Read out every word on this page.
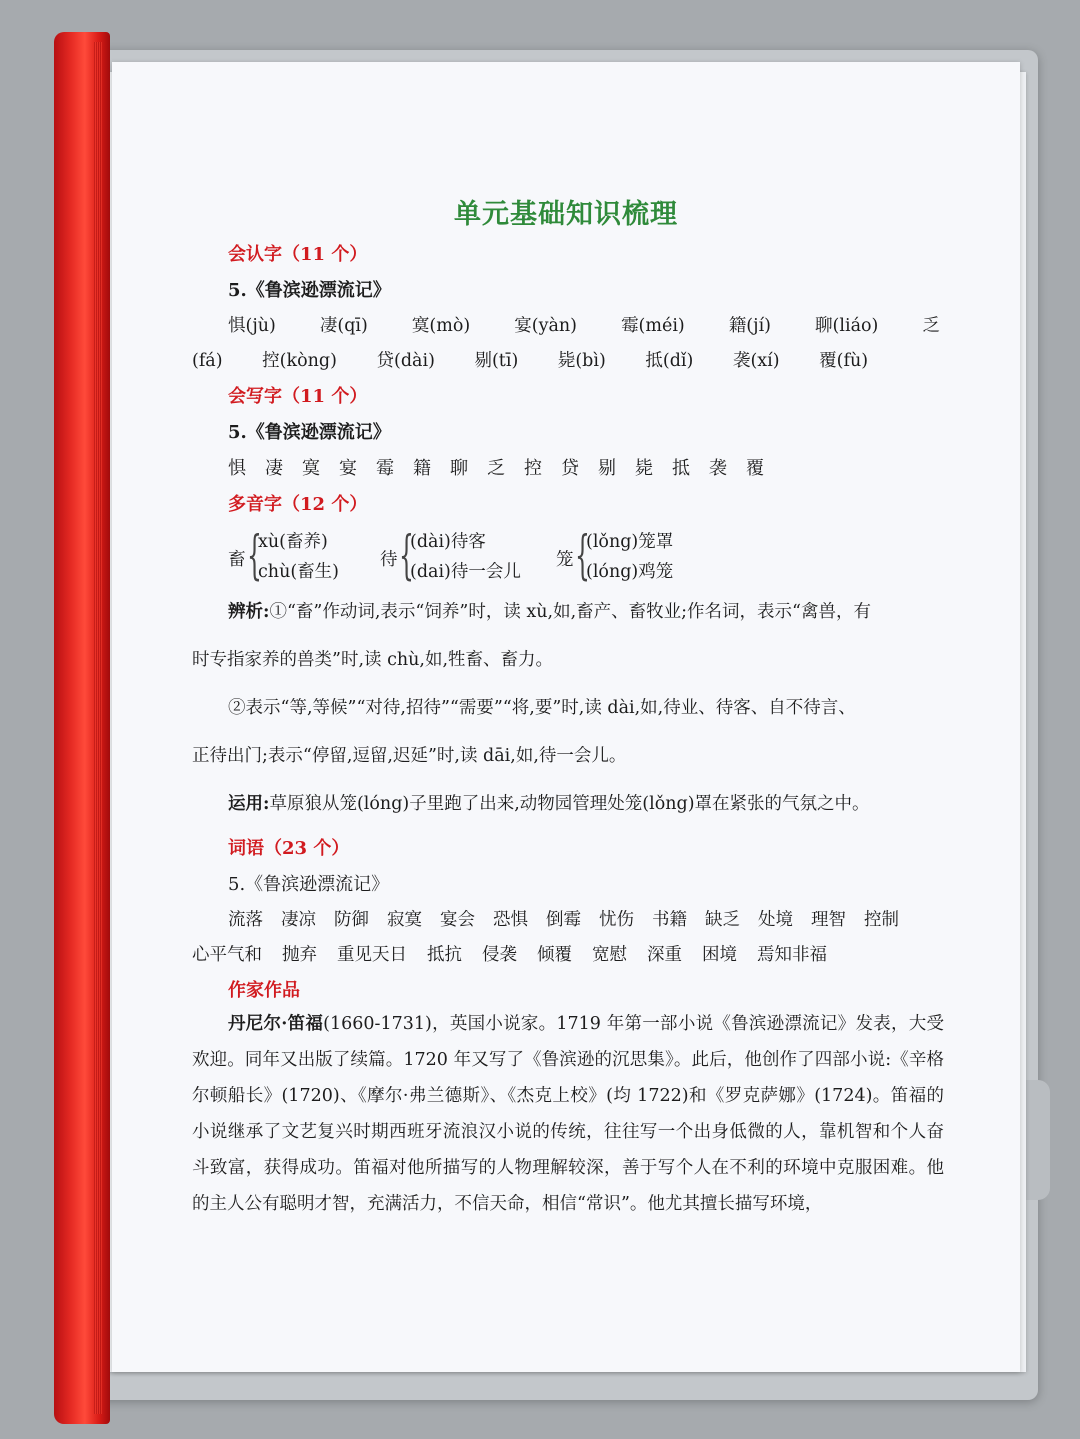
单元基础知识梳理
会认字（11 个）
5.《鲁滨逊漂流记》
惧(jù)	凄(qī)	寞(mò)	宴(yàn)	霉(méi)	籍(jí)	聊(liáo)	乏
(fá) 控(kòng) 贷(dài) 剔(tī) 毙(bì) 抵(dǐ) 袭(xí) 覆(fù)
会写字（11 个）
5.《鲁滨逊漂流记》
惧 凄 寞 宴 霉 籍 聊 乏 控 贷 剔 毙 抵 袭 覆
多音字（12 个）
畜 {
xù(畜养)
chù(畜生)
待 {
(dài)待客
(dai)待一会儿
笼 {
(lǒng)笼罩
(lóng)鸡笼
辨析:①“畜”作动词,表示“饲养”时，读 xù,如,畜产、畜牧业;作名词，表示“禽兽，有
时专指家养的兽类”时,读 chù,如,牲畜、畜力。
②表示“等,等候”“对待,招待”“需要”“将,要”时,读 dài,如,待业、待客、自不待言、
正待出门;表示“停留,逗留,迟延”时,读 dāi,如,待一会儿。
运用:草原狼从笼(lóng)子里跑了出来,动物园管理处笼(lǒng)罩在紧张的气氛之中。
词语（23 个）
5.《鲁滨逊漂流记》
流落 凄凉 防御 寂寞 宴会 恐惧 倒霉 忧伤 书籍 缺乏 处境 理智 控制
心平气和 抛弃 重见天日 抵抗 侵袭 倾覆 宽慰 深重 困境 焉知非福
作家作品
丹尼尔·笛福(1660-1731)，英国小说家。1719 年第一部小说《鲁滨逊漂流记》发表，大受欢迎。同年又出版了续篇。1720 年又写了《鲁滨逊的沉思集》。此后，他创作了四部小说:《辛格尔顿船长》(1720)、《摩尔·弗兰德斯》、《杰克上校》(均 1722)和《罗克萨娜》(1724)。笛福的小说继承了文艺复兴时期西班牙流浪汉小说的传统，往往写一个出身低微的人，靠机智和个人奋斗致富，获得成功。笛福对他所描写的人物理解较深，善于写个人在不利的环境中克服困难。他的主人公有聪明才智，充满活力，不信天命，相信“常识”。他尤其擅长描写环境，
